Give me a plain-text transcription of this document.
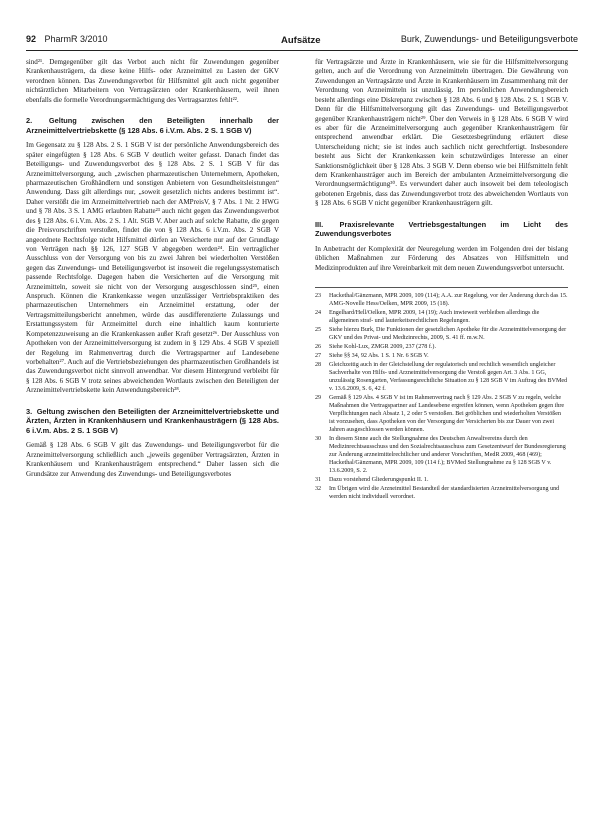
92 PharmR 3/2010	Aufsätze	Burk, Zuwendungs- und Beteiligungsverbote

sind²¹. Demgegenüber gilt das Verbot auch nicht für Zuwendungen gegenüber Krankenhausträgern, da diese keine Hilfs- oder Arzneimittel zu Lasten der GKV verordnen können. Das Zuwendungsverbot für Hilfsmittel gilt auch nicht gegenüber nichtärztlichen Mitarbeitern von Vertragsärzten oder Krankenhäusern, weil ihnen ebenfalls die formelle Verordnungsermächtigung des Vertragsarztes fehlt²².

2. Geltung zwischen den Beteiligten innerhalb der Arzneimittelvertriebskette (§ 128 Abs. 6 i.V.m. Abs. 2 S. 1 SGB V)

Im Gegensatz zu § 128 Abs. 2 S. 1 SGB V ist der persönliche Anwendungsbereich des später eingefügten § 128 Abs. 6 SGB V deutlich weiter gefasst. Danach findet das Beteiligungs- und Zuwendungsverbot des § 128 Abs. 2 S. 1 SGB V für das Arzneimittelversorgung, auch „zwischen pharmazeutischen Unternehmern, Apotheken, pharmazeutischen Großhändlern und sonstigen Anbietern von Gesundheitsleistungen“ Anwendung. Dass gilt allerdings nur, „soweit gesetzlich nichts anderes bestimmt ist“. Daher verstößt die im Arzneimittelvertrieb nach der AMPreisV, § 7 Abs. 1 Nr. 2 HWG und § 78 Abs. 3 S. 1 AMG erlaubten Rabatte²³ auch nicht gegen das Zuwendungsverbot des § 128 Abs. 6 i.V.m. Abs. 2 S. 1 Alt. SGB V. Aber auch auf solche Rabatte, die gegen die Preisvorschriften verstoßen, findet die von § 128 Abs. 6 i.V.m. Abs. 2 SGB V angeordnete Rechtsfolge nicht Hilfsmittel dürfen an Versicherte nur auf der Grundlage von Verträgen nach §§ 126, 127 SGB V abgegeben werden²⁴. Ein vertraglicher Ausschluss von der Versorgung von bis zu zwei Jahren bei wiederholten Verstößen gegen das Zuwendungs- und Beteiligungsverbot ist insoweit die regelungssystematisch passende Rechtsfolge. Dagegen haben die Versicherten auf die Versorgung mit Arzneimitteln, soweit sie nicht von der Versorgung ausgeschlossen sind²⁵, einen Anspruch. Können die Krankenkasse wegen unzulässiger Vertriebspraktiken des pharmazeutischen Unternehmers ein Arzneimittel erstattung, oder der Vertragsmitteilungsbericht annehmen, würde das ausdifferenzierte Zulassungs und Erstattungssystem für Arzneimittel durch eine inhaltlich kaum konturierte Kompetenzzuweisung an die Krankenkassen außer Kraft gesetzt²⁶. Der Ausschluss von Apotheken von der Arzneimittelversorgung ist zudem in § 129 Abs. 4 SGB V speziell der Regelung im Rahmenvertrag durch die Vertragspartner auf Landesebene vorbehalten²⁷. Auch auf die Vertriebsbeziehungen des pharmazeutischen Großhandels ist das Zuwendungsverbot nicht sinnvoll anwendbar. Vor diesem Hintergrund verbleibt für § 128 Abs. 6 SGB V trotz seines abweichenden Wortlauts zwischen den Beteiligten der Arzneimittelvertriebskette kein Anwendungsbereich²⁸.

3. Geltung zwischen den Beteiligten der Arzneimittelvertriebskette und Ärzten, Ärzten in Krankenhäusern und Krankenhausträgern (§ 128 Abs. 6 i.V.m. Abs. 2 S. 1 SGB V)

Gemäß § 128 Abs. 6 SGB V gilt das Zuwendungs- und Beteiligungsverbot für die Arzneimittelversorgung schließlich auch „jeweils gegenüber Vertragsärzten, Ärzten in Krankenhäusern und Krankenhausträgern entsprechend.“ Daher lassen sich die Grundsätze zur Anwendung des Zuwendungs- und Beteiligungsverbotes

für Vertragsärzte und Ärzte in Krankenhäusern, wie sie für die Hilfsmittelversorgung gelten, auch auf die Verordnung von Arzneimitteln übertragen. Die Gewährung von Zuwendungen an Vertragsärzte und Ärzte in Krankenhäusern im Zusammenhang mit der Verordnung von Arzneimitteln ist unzulässig. Im persönlichen Anwendungsbereich besteht allerdings eine Diskrepanz zwischen § 128 Abs. 6 und § 128 Abs. 2 S. 1 SGB V. Denn für die Hilfsmittelversorgung gilt das Zuwendungs- und Beteiligungsverbot gegenüber Krankenhausträgern nicht²⁹. Über den Verweis in § 128 Abs. 6 SGB V wird es aber für die Arzneimittelversorgung auch gegenüber Krankenhausträgern für entsprechend anwendbar erklärt. Die Gesetzesbegründung erläutert diese Unterscheidung nicht; sie ist indes auch sachlich nicht gerechtfertigt. Insbesondere besteht aus Sicht der Krankenkassen kein schutzwürdiges Interesse an einer Sanktionsmöglichkeit über § 128 Abs. 3 SGB V. Denn ebenso wie bei Hilfsmitteln fehlt dem Krankenhausträger auch im Bereich der ambulanten Arzneimittelversorgung die Verordnungsermächtigung³⁰. Es verwundert daher auch insoweit bei dem teleologisch gebotenen Ergebnis, dass das Zuwendungsverbot trotz des abweichenden Wortlauts von § 128 Abs. 6 SGB V nicht gegenüber Krankenhausträgern gilt.

III. Praxisrelevante Vertriebsgestaltungen im Licht des Zuwendungsverbotes

In Anbetracht der Komplexität der Neuregelung werden im Folgenden drei der bislang üblichen Maßnahmen zur Förderung des Absatzes von Hilfsmitteln und Medizinprodukten auf ihre Vereinbarkeit mit dem neuen Zuwendungsverbot untersucht.

23	Hackethal/Gänzmann, MPR 2009, 109 (114); A.A. zur Regelung, vor der Änderung durch das 15. AMG-Novelle Hess/Oelken, MPR 2009, 15 (18).
24	Engelhard/Hell/Oelken, MPR 2009, 14 (19); Auch inwieweit verbleiben allerdings die allgemeinen straf- und lauterkeitsrechtlichen Regelungen.
25	Siehe hierzu Burk, Die Funktionen der gesetzlichen Apotheke für die Arzneimittelversorgung der GKV und des Privat- und Medizinrechts, 2009, S. 41 ff. m.w.N.
26	Siehe Kohl-Lux, ZMGR 2009, 237 (278 f.).
27	Siehe §§ 34, 92 Abs. 1 S. 1 Nr. 6 SGB V.
28	Gleichzeitig auch in der Gleichstellung der regulatorisch und rechtlich wesentlich ungleicher Sachverhalte von Hilfs- und Arzneimittelversorgung die Verstoß gegen Art. 3 Abs. 1 GG, unzulässig Rosengarten, Verfassungsrechtliche Situation zu § 128 SGB V im Auftrag des BVMed v. 13.6.2009, S. 6, 42 f.
29	Gemäß § 129 Abs. 4 SGB V ist im Rahmenvertrag nach § 129 Abs. 2 SGB V zu regeln, welche Maßnahmen die Vertragspartner auf Landesebene ergreifen können, wenn Apotheken gegen ihre Verpflichtungen nach Absatz 1, 2 oder 5 verstoßen. Bei gröblichen und wiederholten Verstößen ist vorzusehen, dass Apotheken von der Versorgung der Versicherten bis zur Dauer von zwei Jahren ausgeschlossen werden können.
30	In diesem Sinne auch die Stellungnahme des Deutschen Anwaltvereins durch den Medizinrechtsausschuss und den Sozialrechtsausschuss zum Gesetzentwurf der Bundesregierung zur Änderung arzneimittelrechtlicher und anderer Vorschriften, MedR 2009, 468 (469); Hackethal/Gänzmann, MPR 2009, 109 (114 f.); BVMed Stellungnahme zu § 128 SGB V v. 13.6.2009, S. 2.
31	Dazu vorstehend Gliederungspunkt II. 1.
32	Im Übrigen wird die Arzneimittel Bestandteil der standardisierten Arzneimittelversorgung und werden nicht individuell verordnet.
